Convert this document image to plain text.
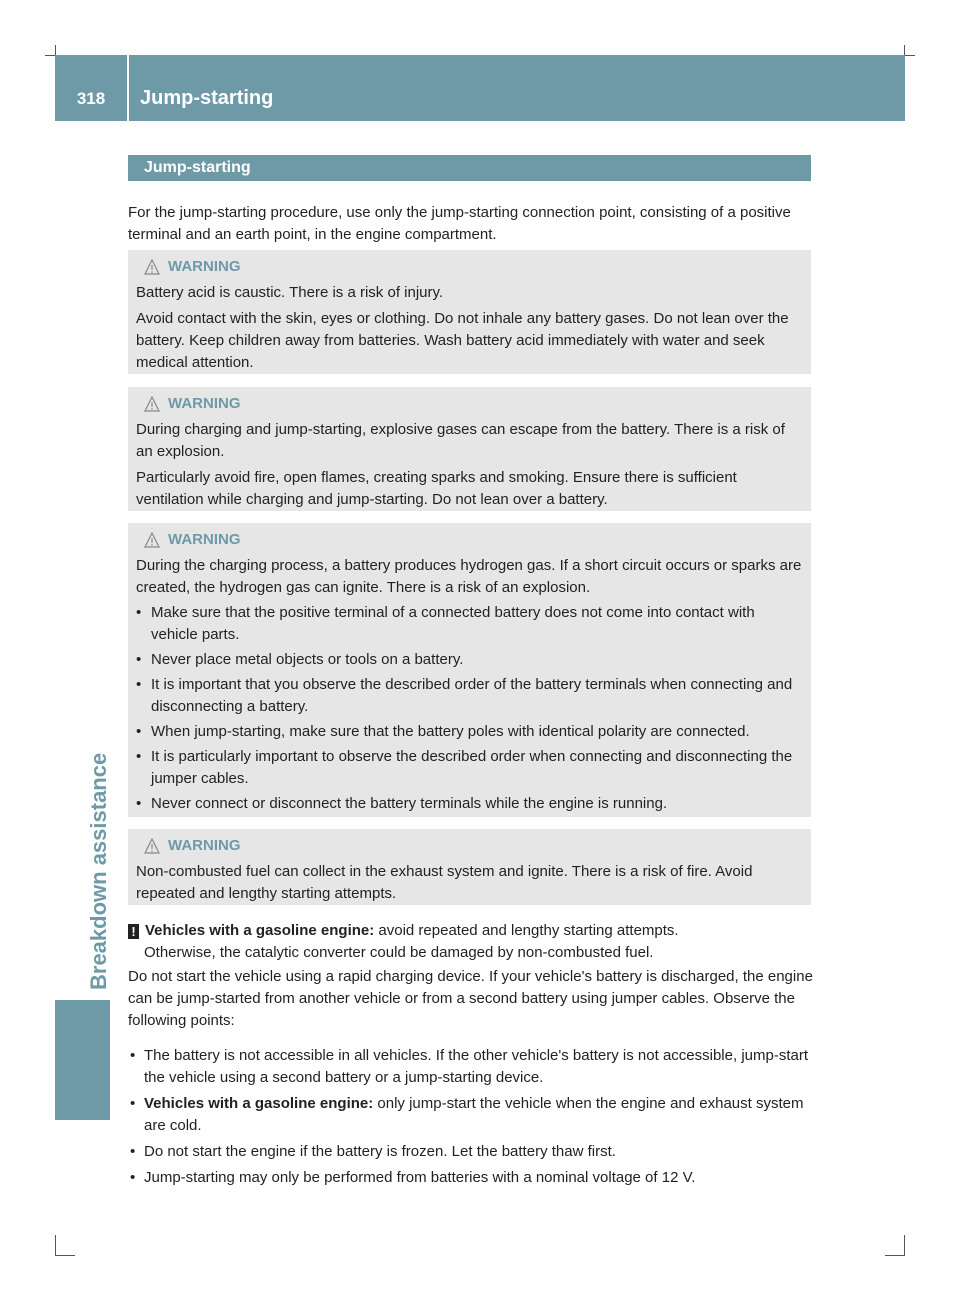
318	Jump-starting
Breakdown assistance
Jump-starting

For the jump-starting procedure, use only the jump-starting connection point, consisting of a positive terminal and an earth point, in the engine compartment.

WARNING

Battery acid is caustic. There is a risk of injury.

Avoid contact with the skin, eyes or clothing. Do not inhale any battery gases. Do not lean over the battery. Keep children away from batteries. Wash battery acid immediately with water and seek medical attention.

WARNING

During charging and jump-starting, explosive gases can escape from the battery. There is a risk of an explosion.

Particularly avoid fire, open flames, creating sparks and smoking. Ensure there is sufficient ventilation while charging and jump-starting. Do not lean over a battery.

WARNING

During the charging process, a battery produces hydrogen gas. If a short circuit occurs or sparks are created, the hydrogen gas can ignite. There is a risk of an explosion.

• Make sure that the positive terminal of a connected battery does not come into contact with vehicle parts.

• Never place metal objects or tools on a battery.

• It is important that you observe the described order of the battery terminals when connecting and disconnecting a battery.

• When jump-starting, make sure that the battery poles with identical polarity are connected.

• It is particularly important to observe the described order when connecting and disconnecting the jumper cables.

• Never connect or disconnect the battery terminals while the engine is running.

WARNING

Non-combusted fuel can collect in the exhaust system and ignite. There is a risk of fire. Avoid repeated and lengthy starting attempts.

! Vehicles with a gasoline engine: avoid repeated and lengthy starting attempts.
Otherwise, the catalytic converter could be damaged by non-combusted fuel.

Do not start the vehicle using a rapid charging device. If your vehicle's battery is discharged, the engine can be jump-started from another vehicle or from a second battery using jumper cables. Observe the following points:

• The battery is not accessible in all vehicles. If the other vehicle's battery is not accessible, jump-start the vehicle using a second battery or a jump-starting device.

• Vehicles with a gasoline engine: only jump-start the vehicle when the engine and exhaust system are cold.

• Do not start the engine if the battery is frozen. Let the battery thaw first.

• Jump-starting may only be performed from batteries with a nominal voltage of 12 V.
